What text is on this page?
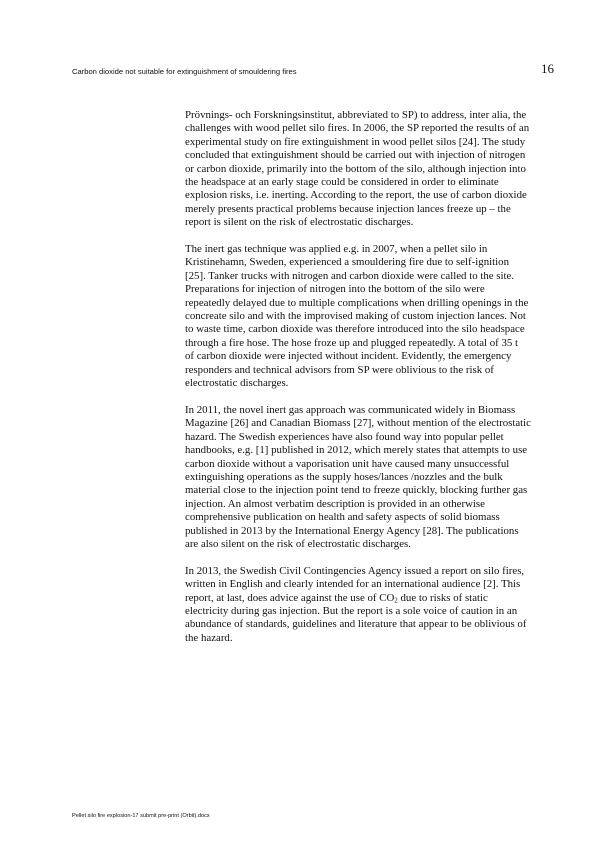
Carbon dioxide not suitable for extinguishment of smouldering fires	16

Prövnings- och Forskningsinstitut, abbreviated to SP) to address, inter alia, the
challenges with wood pellet silo fires. In 2006, the SP reported the results of an
experimental study on fire extinguishment in wood pellet silos [24]. The study
concluded that extinguishment should be carried out with injection of nitrogen
or carbon dioxide, primarily into the bottom of the silo, although injection into
the headspace at an early stage could be considered in order to eliminate
explosion risks, i.e. inerting. According to the report, the use of carbon dioxide
merely presents practical problems because injection lances freeze up – the
report is silent on the risk of electrostatic discharges.

The inert gas technique was applied e.g. in 2007, when a pellet silo in
Kristinehamn, Sweden, experienced a smouldering fire due to self-ignition
[25]. Tanker trucks with nitrogen and carbon dioxide were called to the site.
Preparations for injection of nitrogen into the bottom of the silo were
repeatedly delayed due to multiple complications when drilling openings in the
concreate silo and with the improvised making of custom injection lances. Not
to waste time, carbon dioxide was therefore introduced into the silo headspace
through a fire hose. The hose froze up and plugged repeatedly. A total of 35 t
of carbon dioxide were injected without incident. Evidently, the emergency
responders and technical advisors from SP were oblivious to the risk of
electrostatic discharges.

In 2011, the novel inert gas approach was communicated widely in Biomass
Magazine [26] and Canadian Biomass [27], without mention of the electrostatic
hazard. The Swedish experiences have also found way into popular pellet
handbooks, e.g. [1] published in 2012, which merely states that attempts to use
carbon dioxide without a vaporisation unit have caused many unsuccessful
extinguishing operations as the supply hoses/lances /nozzles and the bulk
material close to the injection point tend to freeze quickly, blocking further gas
injection. An almost verbatim description is provided in an otherwise
comprehensive publication on health and safety aspects of solid biomass
published in 2013 by the International Energy Agency [28]. The publications
are also silent on the risk of electrostatic discharges.

In 2013, the Swedish Civil Contingencies Agency issued a report on silo fires,
written in English and clearly intended for an international audience [2]. This
report, at last, does advice against the use of $CO_2$ due to risks of static
electricity during gas injection. But the report is a sole voice of caution in an
abundance of standards, guidelines and literature that appear to be oblivious of
the hazard.

Pellet silo fire explosion-17 submit pre-print (Orbit).docx
